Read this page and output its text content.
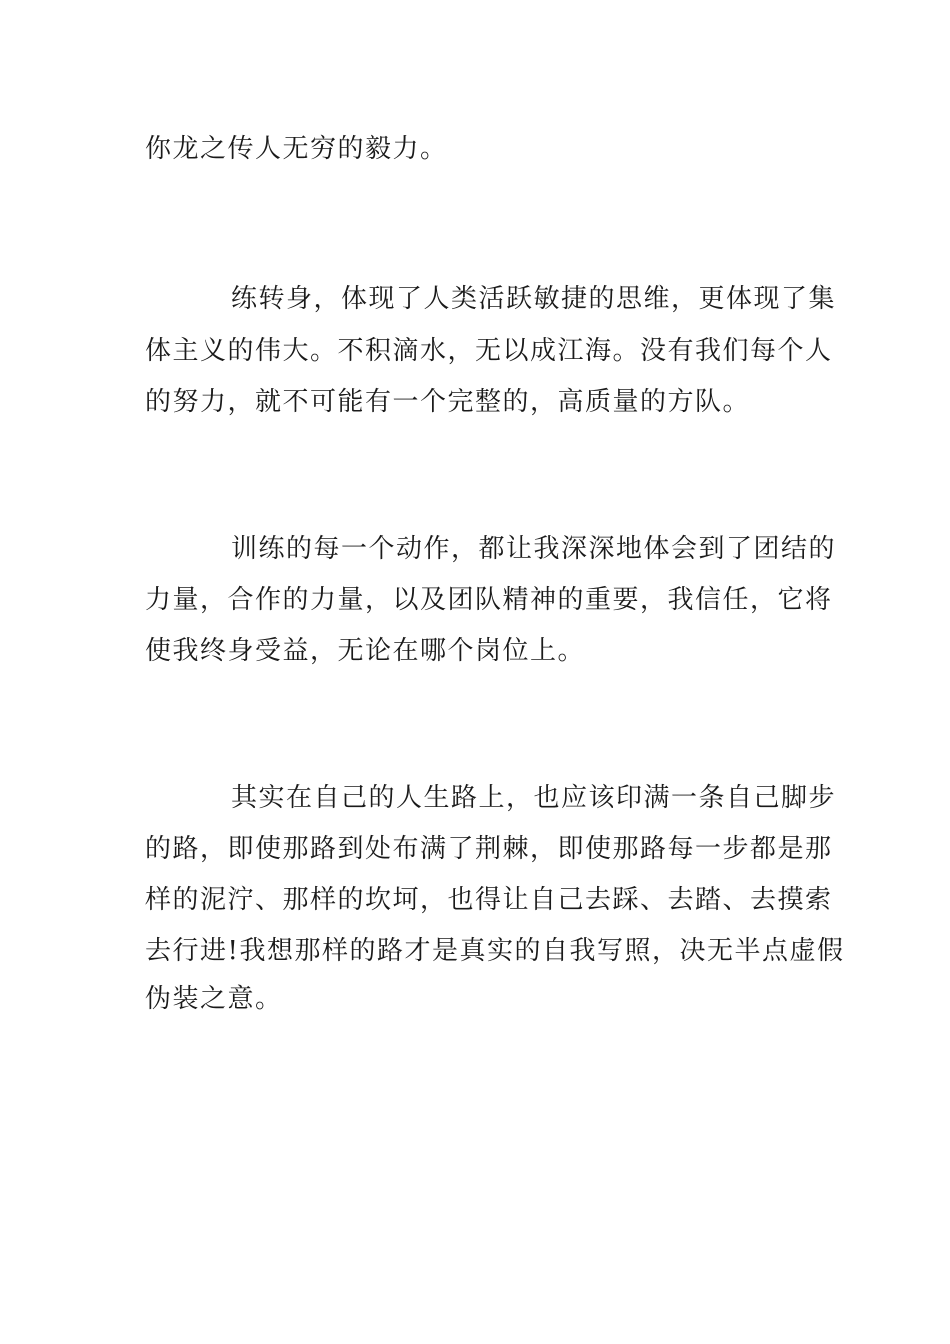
你龙之传人无穷的毅力。
练转身，体现了人类活跃敏捷的思维，更体现了集
体主义的伟大。不积滴水，无以成江海。没有我们每个人
的努力，就不可能有一个完整的，高质量的方队。
训练的每一个动作，都让我深深地体会到了团结的
力量，合作的力量，以及团队精神的重要，我信任，它将
使我终身受益，无论在哪个岗位上。
其实在自己的人生路上，也应该印满一条自己脚步
的路，即使那路到处布满了荆棘，即使那路每一步都是那
样的泥泞、那样的坎坷，也得让自己去踩、去踏、去摸索
去行进!我想那样的路才是真实的自我写照，决无半点虚假
伪装之意。
